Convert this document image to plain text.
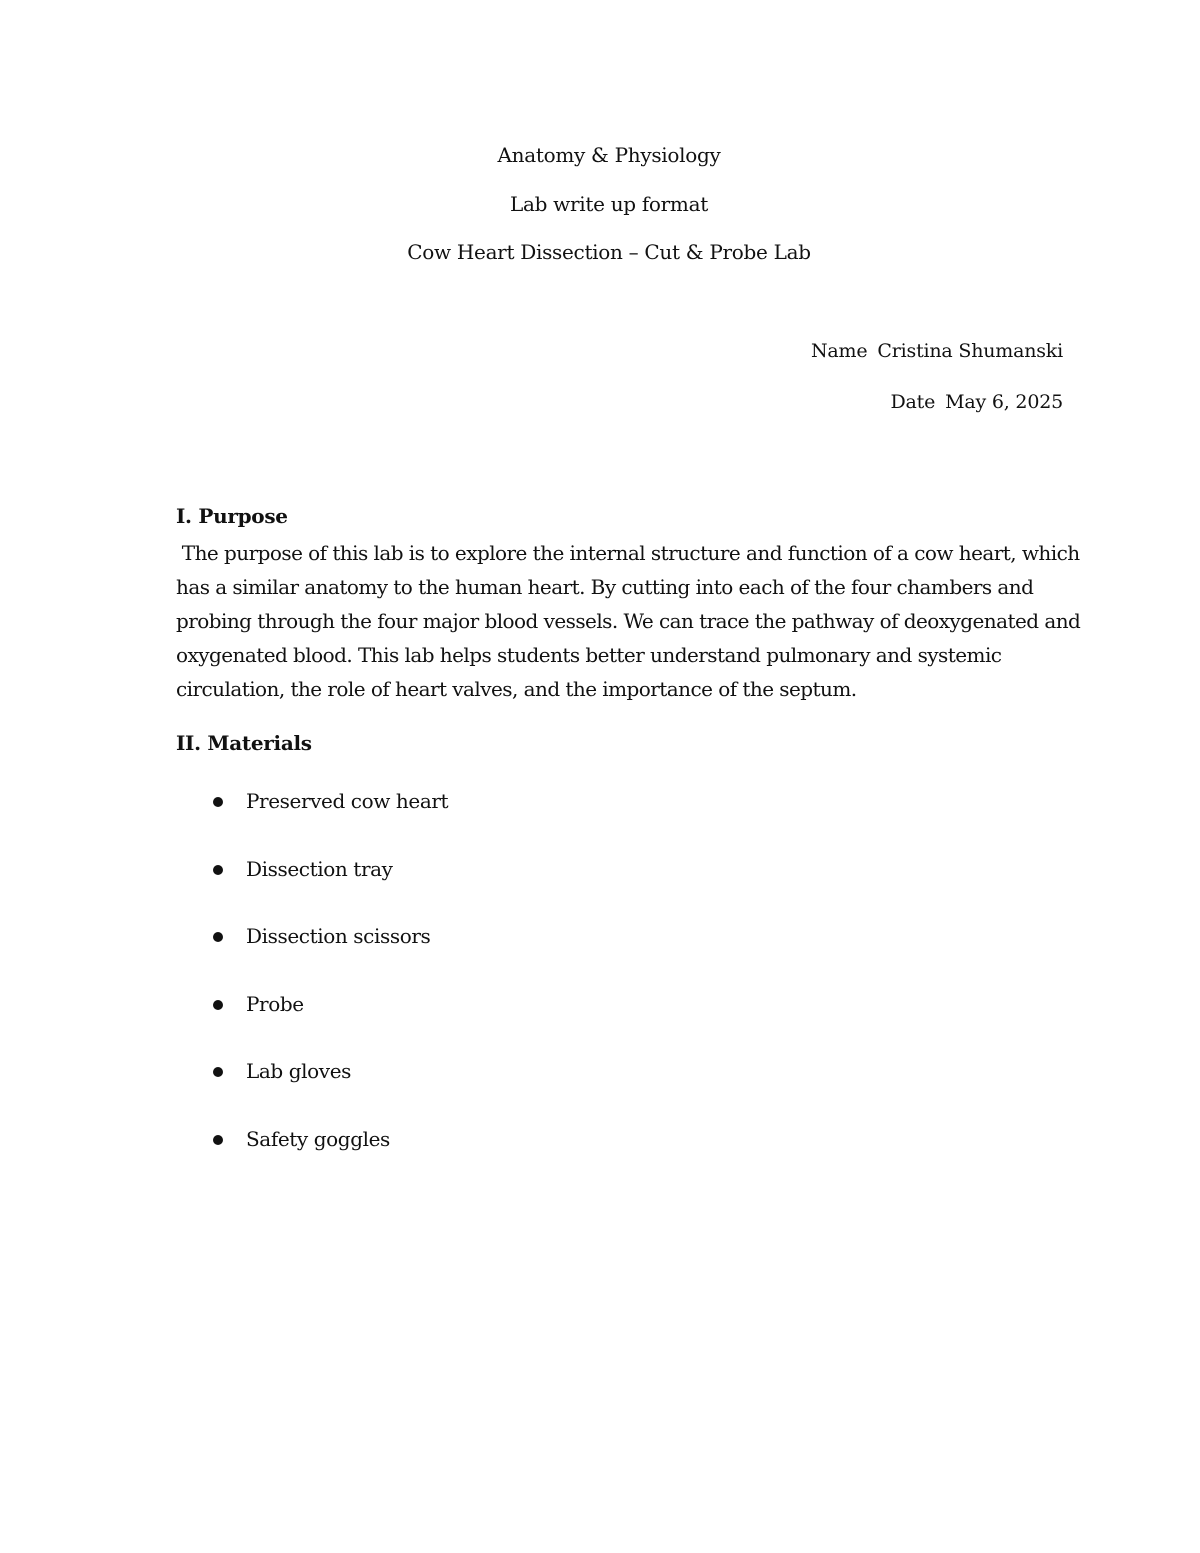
Anatomy & Physiology
Lab write up format
Cow Heart Dissection – Cut & Probe Lab
Name Cristina Shumanski
Date May 6, 2025
I. Purpose

The purpose of this lab is to explore the internal structure and function of a cow heart, which
has a similar anatomy to the human heart. By cutting into each of the four chambers and
probing through the four major blood vessels. We can trace the pathway of deoxygenated and
oxygenated blood. This lab helps students better understand pulmonary and systemic
circulation, the role of heart valves, and the importance of the septum.

II. Materials
Preserved cow heart
Dissection tray
Dissection scissors
Probe
Lab gloves
Safety goggles
